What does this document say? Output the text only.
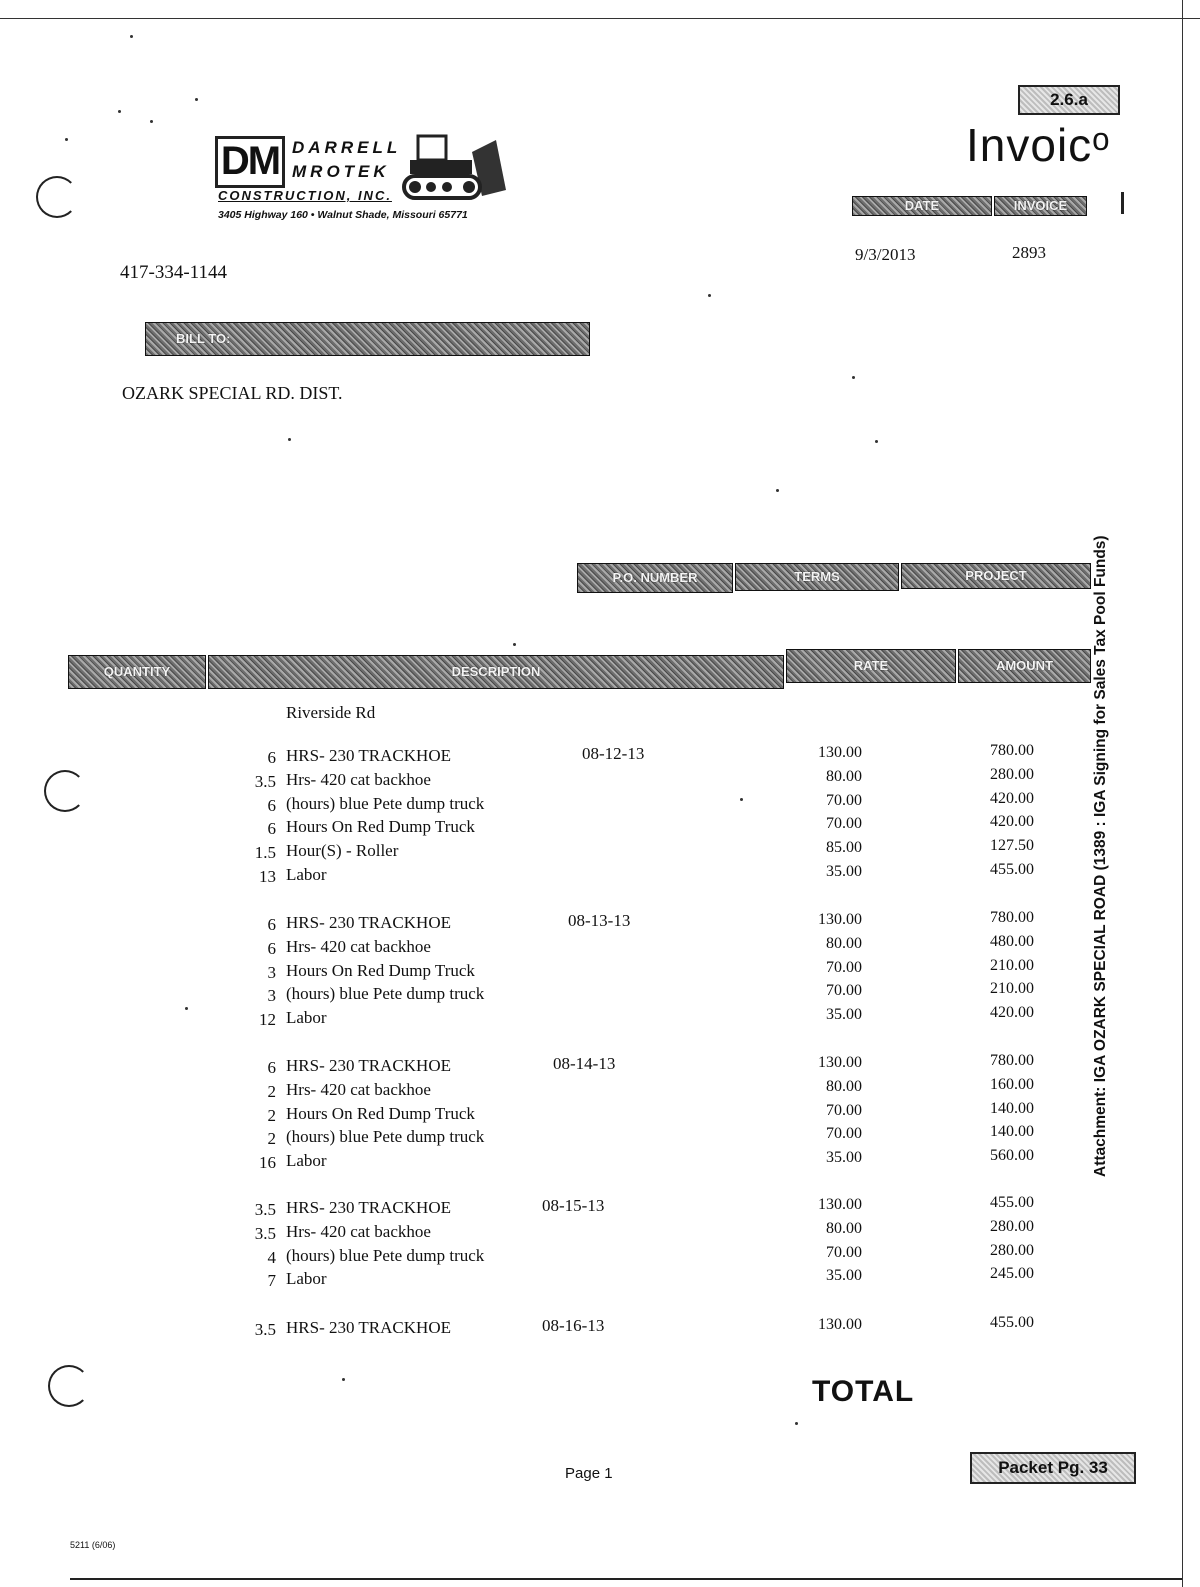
2.6.a
DM DARRELL
MROTEK
CONSTRUCTION, INC.
3405 Highway 160 • Walnut Shade, Missouri 65771
417-334-1144
Invoicᵒ
DATE	INVOICE
9/3/2013	2893
BILL TO:
OZARK SPECIAL RD. DIST.
P.O. NUMBER	TERMS	PROJECT
QUANTITY	DESCRIPTION	RATE	AMOUNT
Riverside Rd
08-12-13
6 HRS- 230 TRACKHOE	130.00	780.00
3.5 Hrs- 420 cat backhoe	80.00	280.00
6 (hours) blue Pete dump truck	70.00	420.00
6 Hours On Red Dump Truck	70.00	420.00
1.5 Hour(S) - Roller	85.00	127.50
13 Labor	35.00	455.00
08-13-13
6 HRS- 230 TRACKHOE	130.00	780.00
6 Hrs- 420 cat backhoe	80.00	480.00
3 Hours On Red Dump Truck	70.00	210.00
3 (hours) blue Pete dump truck	70.00	210.00
12 Labor	35.00	420.00
08-14-13
6 HRS- 230 TRACKHOE	130.00	780.00
2 Hrs- 420 cat backhoe	80.00	160.00
2 Hours On Red Dump Truck	70.00	140.00
2 (hours) blue Pete dump truck	70.00	140.00
16 Labor	35.00	560.00
08-15-13
3.5 HRS- 230 TRACKHOE	130.00	455.00
3.5 Hrs- 420 cat backhoe	80.00	280.00
4 (hours) blue Pete dump truck	70.00	280.00
7 Labor	35.00	245.00
08-16-13
3.5 HRS- 230 TRACKHOE	130.00	455.00
TOTAL
Packet Pg. 33
Page 1
5211 (6/06)
Attachment: IGA OZARK SPECIAL ROAD (1389 : IGA Signing for Sales Tax Pool Funds)
